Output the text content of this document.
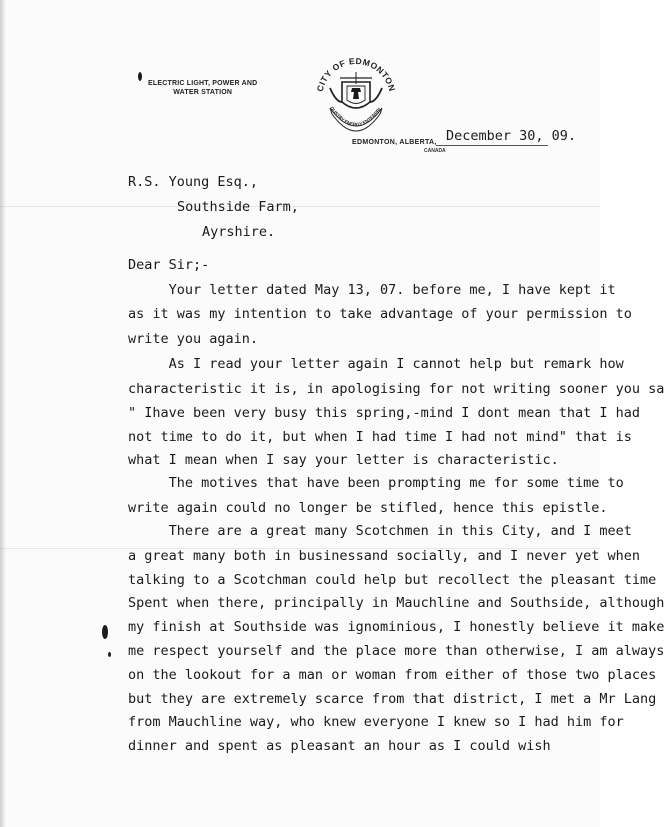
ELECTRIC LIGHT, POWER AND
WATER STATION	CITY OF EDMONTON
DUSTRY ENERGY ENTERPRI
December 30, 09.
EDMONTON, ALBERTA,
CANADA
R.S. Young Esq.,
Southside Farm,
Ayrshire.
Dear Sir;-
Your letter dated May 13, 07. before me, I have kept it
as it was my intention to take advantage of your permission to
write you again.
As I read your letter again I cannot help but remark how
characteristic it is, in apologising for not writing sooner you sa
" Ihave been very busy this spring,-mind I dont mean that I had
not time to do it, but when I had time I had not mind" that is
what I mean when I say your letter is characteristic.
The motives that have been prompting me for some time to
write again could no longer be stifled, hence this epistle.
There are a great many Scotchmen in this City, and I meet
a great many both in businessand socially, and I never yet when
talking to a Scotchman could help but recollect the pleasant time
Spent when there, principally in Mauchline and Southside, although
my finish at Southside was ignominious, I honestly believe it make
me respect yourself and the place more than otherwise, I am always
on the lookout for a man or woman from either of those two places
but they are extremely scarce from that district, I met a Mr Lang
from Mauchline way, who knew everyone I knew so I had him for
dinner and spent as pleasant an hour as I could wish
